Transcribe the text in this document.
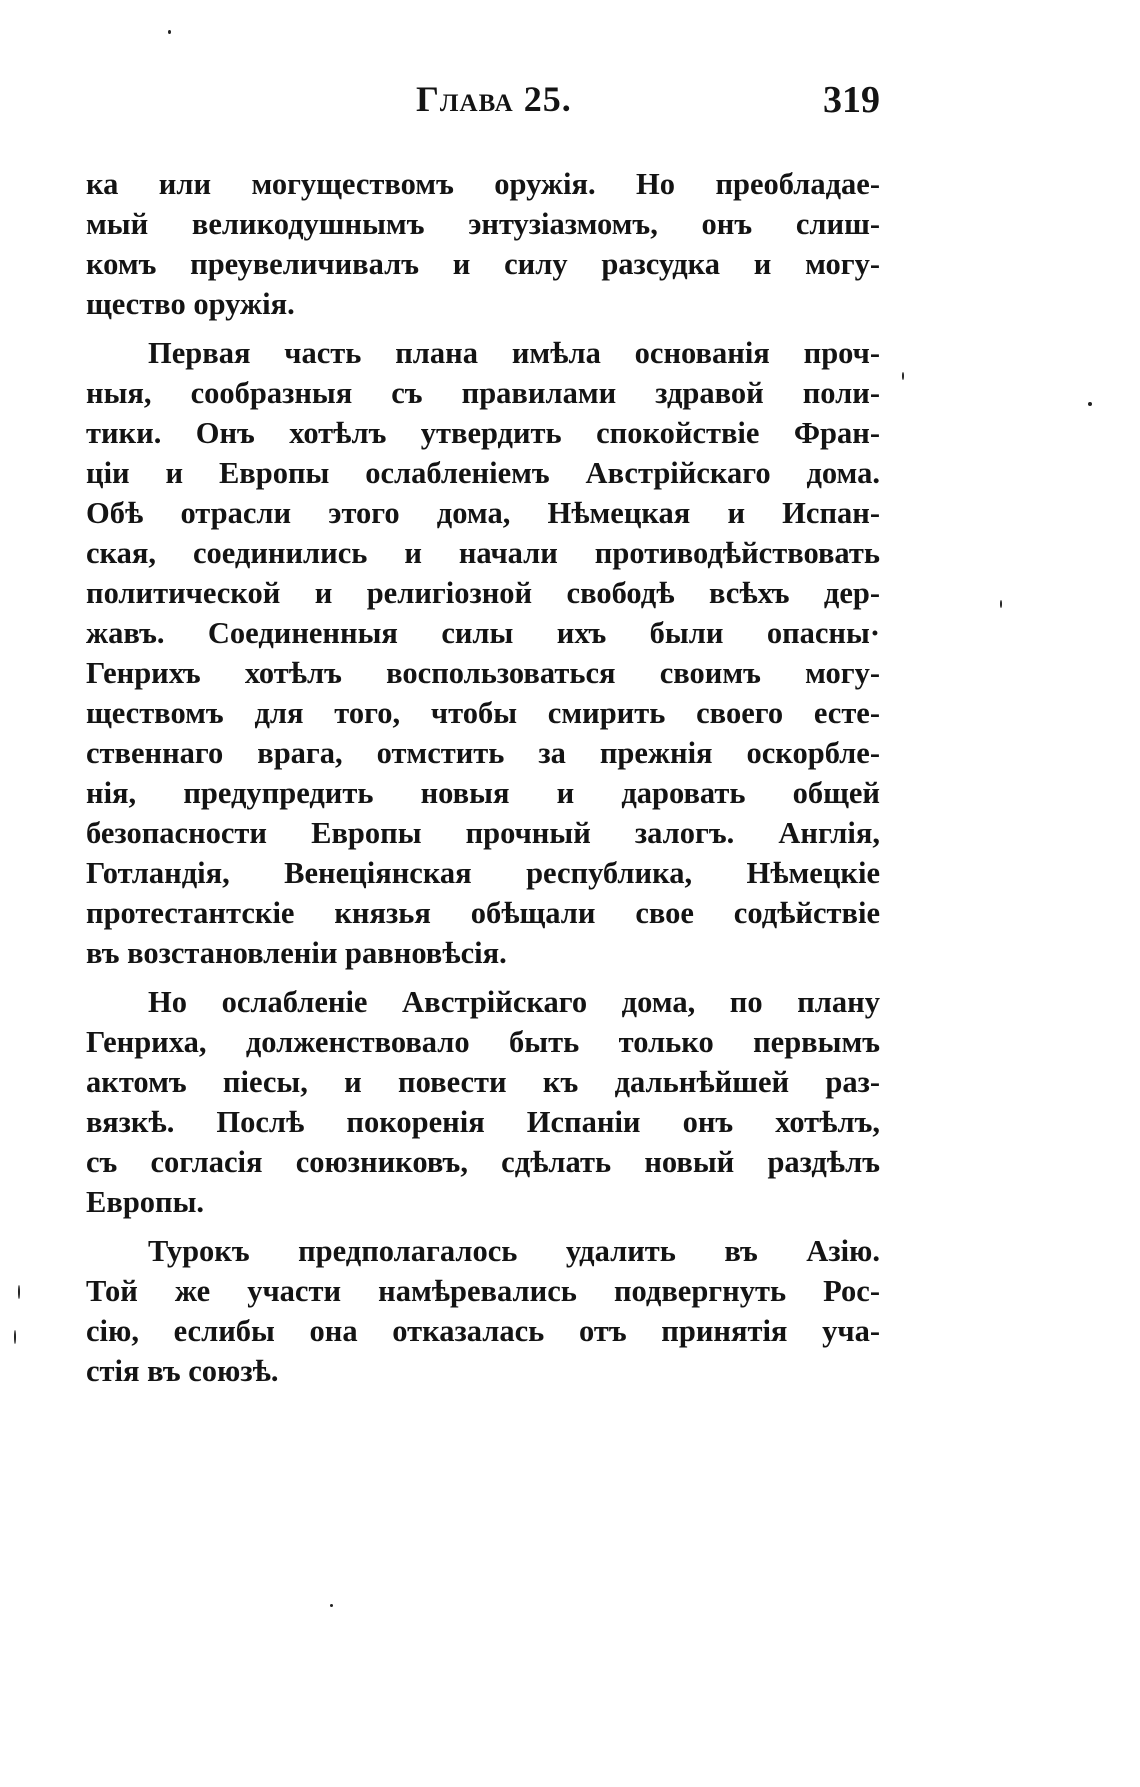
Глава 25.	319
ка или могуществомъ оружія. Но преобладае-
мый великодушнымъ энтузіазмомъ, онъ слиш-
комъ преувеличивалъ и силу разсудка и могу-
щество оружія.
Первая часть плана имѣла основанія проч-
ныя, сообразныя съ правилами здравой поли-
тики. Онъ хотѣлъ утвердить спокойствіе Фран-
ціи и Европы ослабленіемъ Австрійскаго дома.
Обѣ отрасли этого дома, Нѣмецкая и Испан-
ская, соединились и начали противодѣйствовать
политической и религіозной свободѣ всѣхъ дер-
жавъ. Соединенныя силы ихъ были опасны·
Генрихъ хотѣлъ воспользоваться своимъ могу-
ществомъ для того, чтобы смирить своего есте-
ственнаго врага, отмстить за прежнія оскорбле-
нія, предупредить новыя и даровать общей
безопасности Европы прочный залогъ. Англія,
Готландія, Венеціянская республика, Нѣмецкіе
протестантскіе князья обѣщали свое содѣйствіе
въ возстановленіи равновѣсія.
Но ослабленіе Австрійскаго дома, по плану
Генриха, долженствовало быть только первымъ
актомъ піесы, и повести къ дальнѣйшей раз-
вязкѣ. Послѣ покоренія Испаніи онъ хотѣлъ,
съ согласія союзниковъ, сдѣлать новый раздѣлъ
Европы.
Турокъ предполагалось удалить въ Азію.
Той же участи намѣревались подвергнуть Рос-
сію, еслибы она отказалась отъ принятія уча-
стія въ союзѣ.
